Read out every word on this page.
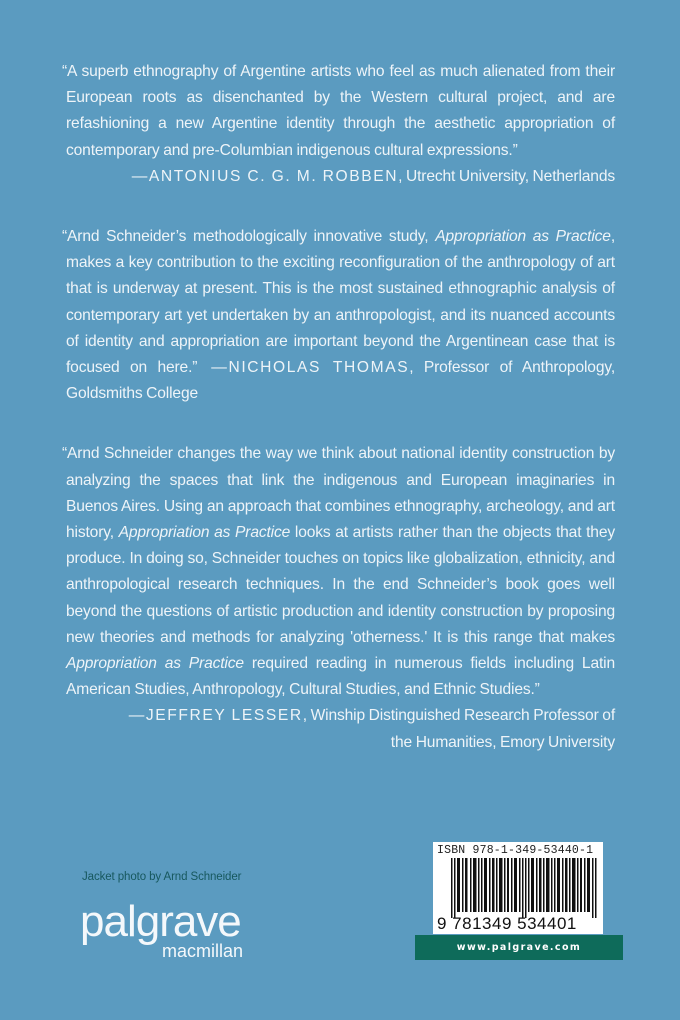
“A superb ethnography of Argentine artists who feel as much alienated from their European roots as disenchanted by the Western cultural project, and are refashioning a new Argentine identity through the aesthetic appropriation of contemporary and pre-Columbian indigenous cultural expressions.”

—ANTONIUS C. G. M. ROBBEN, Utrecht University, Netherlands

“Arnd Schneider’s methodologically innovative study, Appropriation as Practice, makes a key contribution to the exciting reconfiguration of the anthropology of art that is underway at present. This is the most sustained ethnographic analysis of contemporary art yet undertaken by an anthropologist, and its nuanced accounts of identity and appropriation are important beyond the Argentinean case that is focused on here.” —NICHOLAS THOMAS, Professor of Anthropology, Goldsmiths College

“Arnd Schneider changes the way we think about national identity construction by analyzing the spaces that link the indigenous and European imaginaries in Buenos Aires. Using an approach that combines ethnography, archeology, and art history, Appropriation as Practice looks at artists rather than the objects that they produce. In doing so, Schneider touches on topics like globalization, ethnicity, and anthropological research techniques. In the end Schneider’s book goes well beyond the questions of artistic production and identity construction by proposing new theories and methods for analyzing 'otherness.' It is this range that makes Appropriation as Practice required reading in numerous fields including Latin American Studies, Anthropology, Cultural Studies, and Ethnic Studies.”

—JEFFREY LESSER, Winship Distinguished Research Professor of

the Humanities, Emory University

Jacket photo by Arnd Schneider
palgrave
macmillan
ISBN 978-1-349-53440-1
9 781349 534401
www.palgrave.com
